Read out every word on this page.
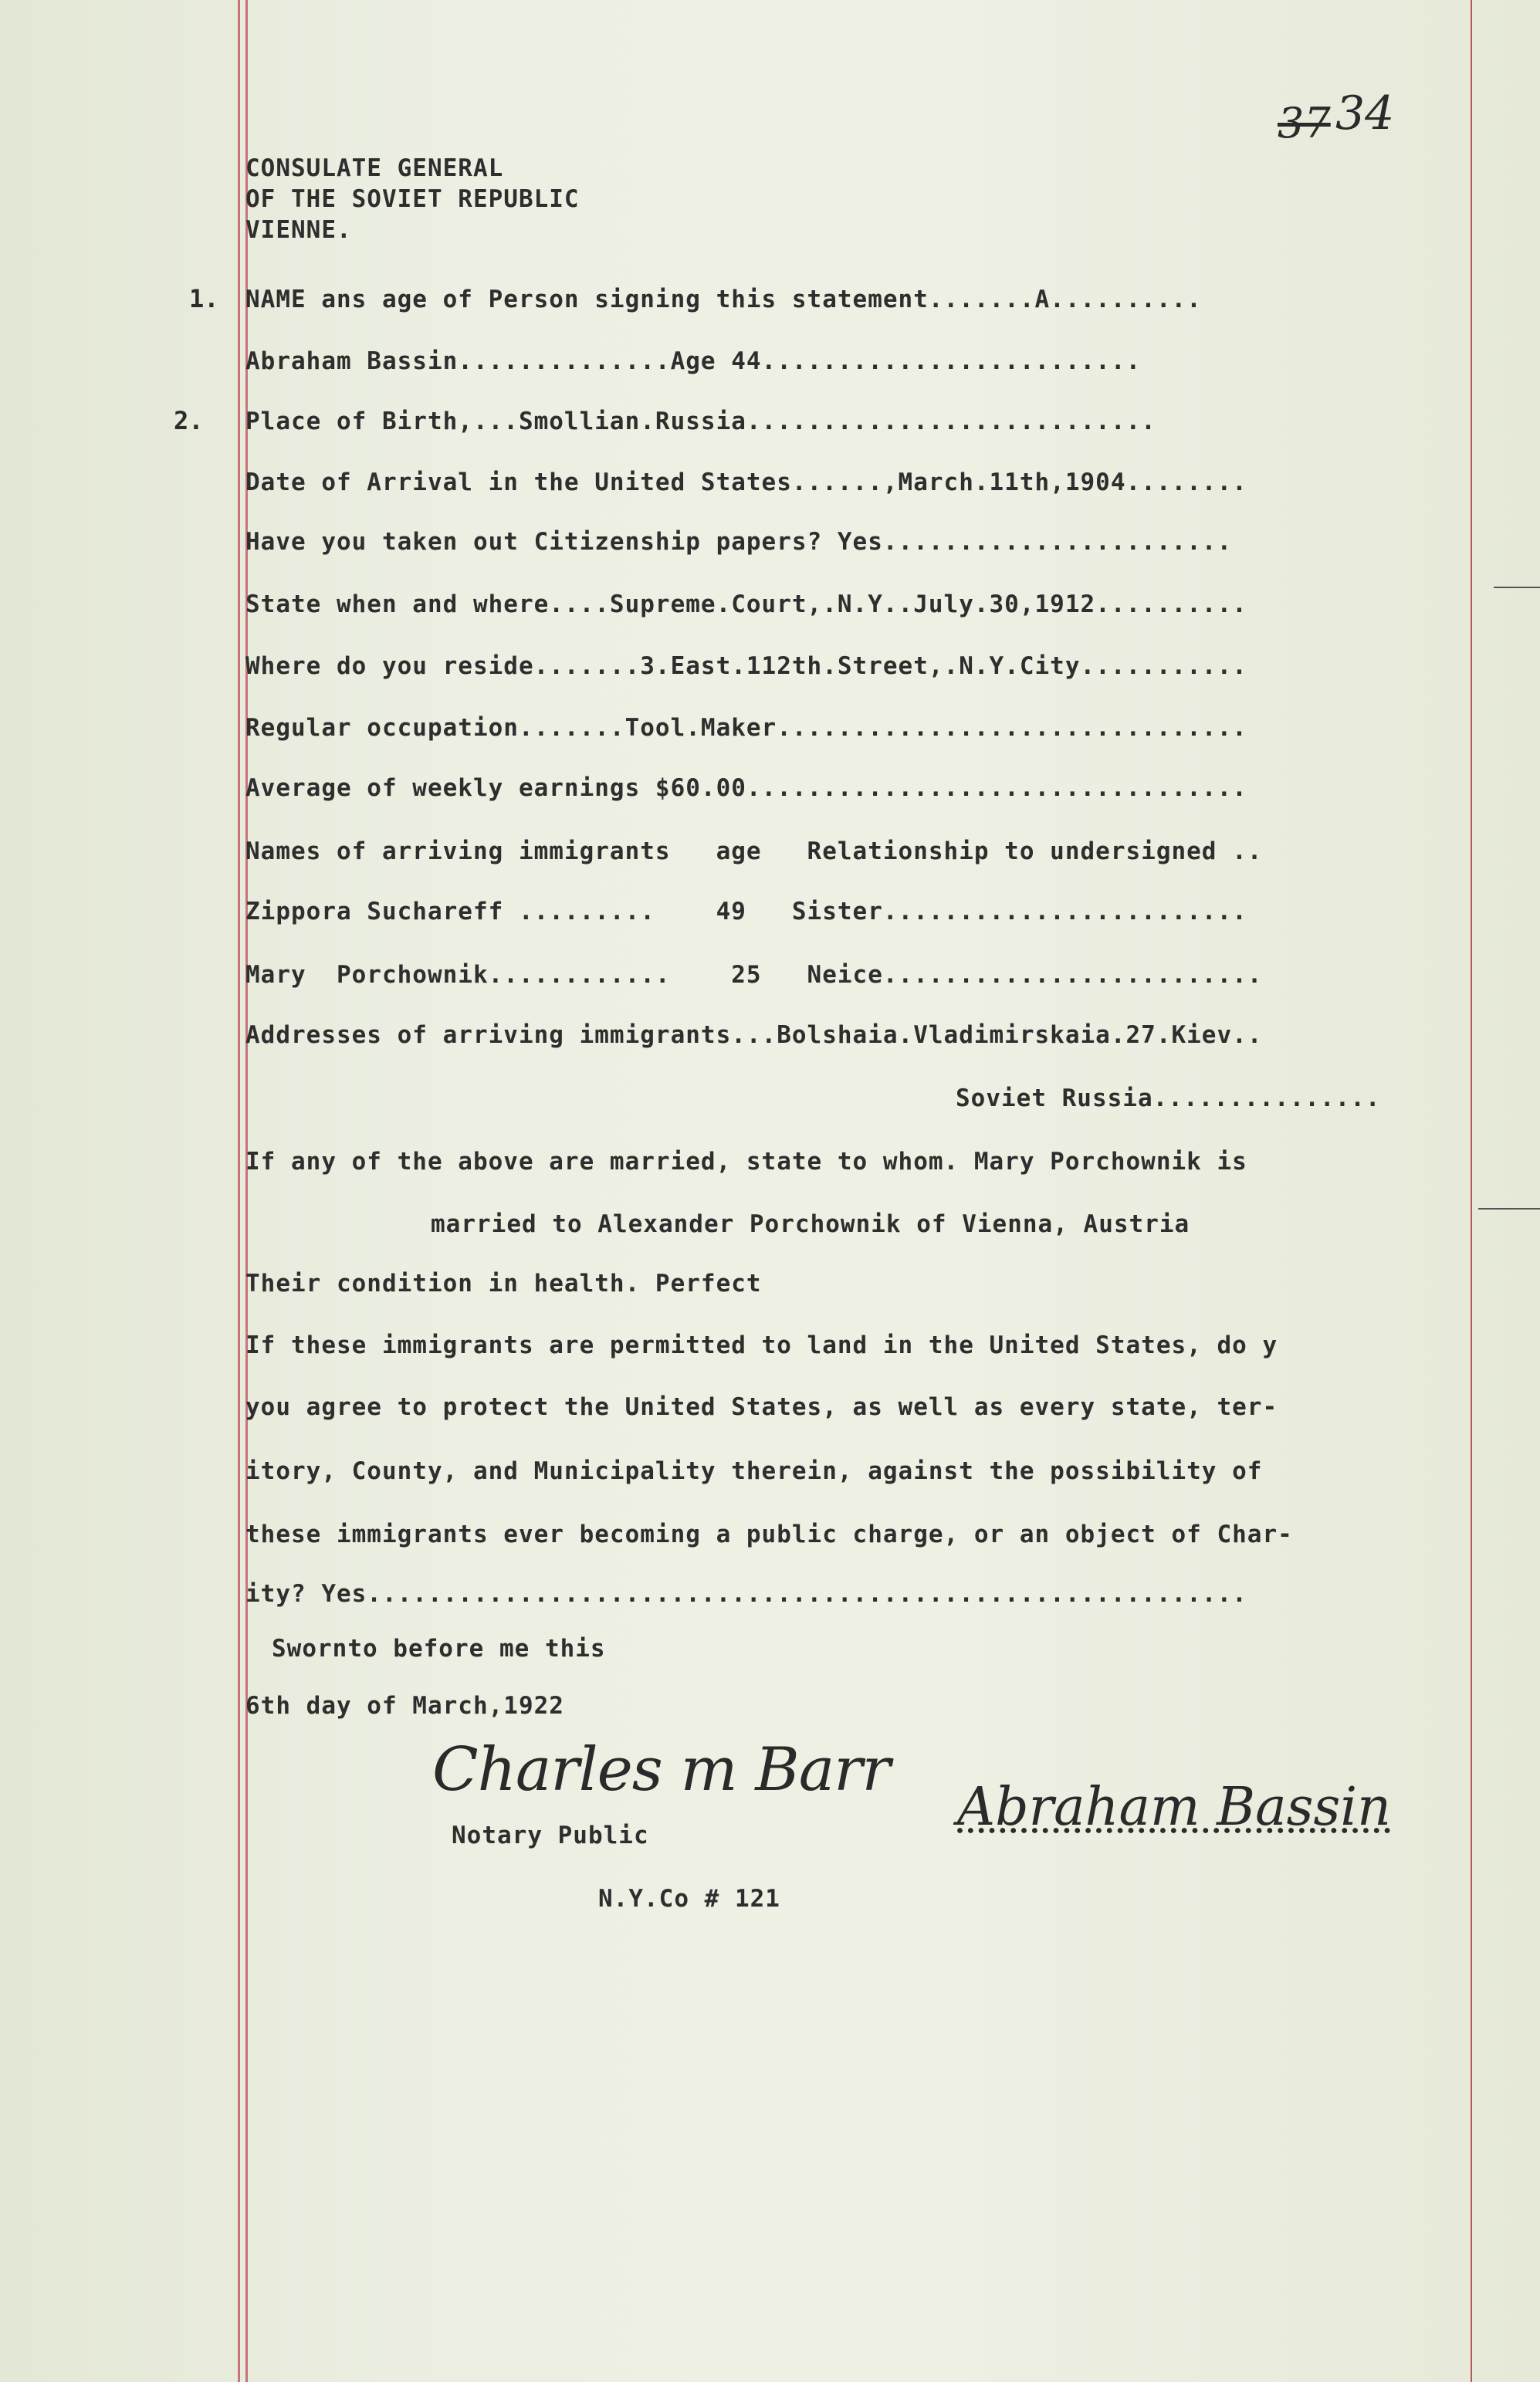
37 34
CONSULATE GENERAL
OF THE SOVIET REPUBLIC
VIENNE.
1.
2.
NAME ans age of Person signing this statement.......A..........
Abraham Bassin..............Age 44.........................
Place of Birth,...Smollian.Russia...........................
Date of Arrival in the United States......,March.11th,1904........
Have you taken out Citizenship papers? Yes.......................
State when and where....Supreme.Court,.N.Y..July.30,1912..........
Where do you reside.......3.East.112th.Street,.N.Y.City...........
Regular occupation.......Tool.Maker...............................
Average of weekly earnings $60.00.................................
Names of arriving immigrants   age   Relationship to undersigned ..
Zippora Suchareff .........    49   Sister........................
Mary  Porchownik............    25   Neice.........................
Addresses of arriving immigrants...Bolshaia.Vladimirskaia.27.Kiev..
Soviet Russia...............
If any of the above are married, state to whom. Mary Porchownik is
married to Alexander Porchownik of Vienna, Austria
Their condition in health. Perfect
If these immigrants are permitted to land in the United States, do y
you agree to protect the United States, as well as every state, ter-
itory, County, and Municipality therein, against the possibility of
these immigrants ever becoming a public charge, or an object of Char-
ity? Yes..........................................................
Swornto before me this
6th day of March,1922
Charles m Barr
Notary Public
N.Y.Co # 121
Abraham Bassin
